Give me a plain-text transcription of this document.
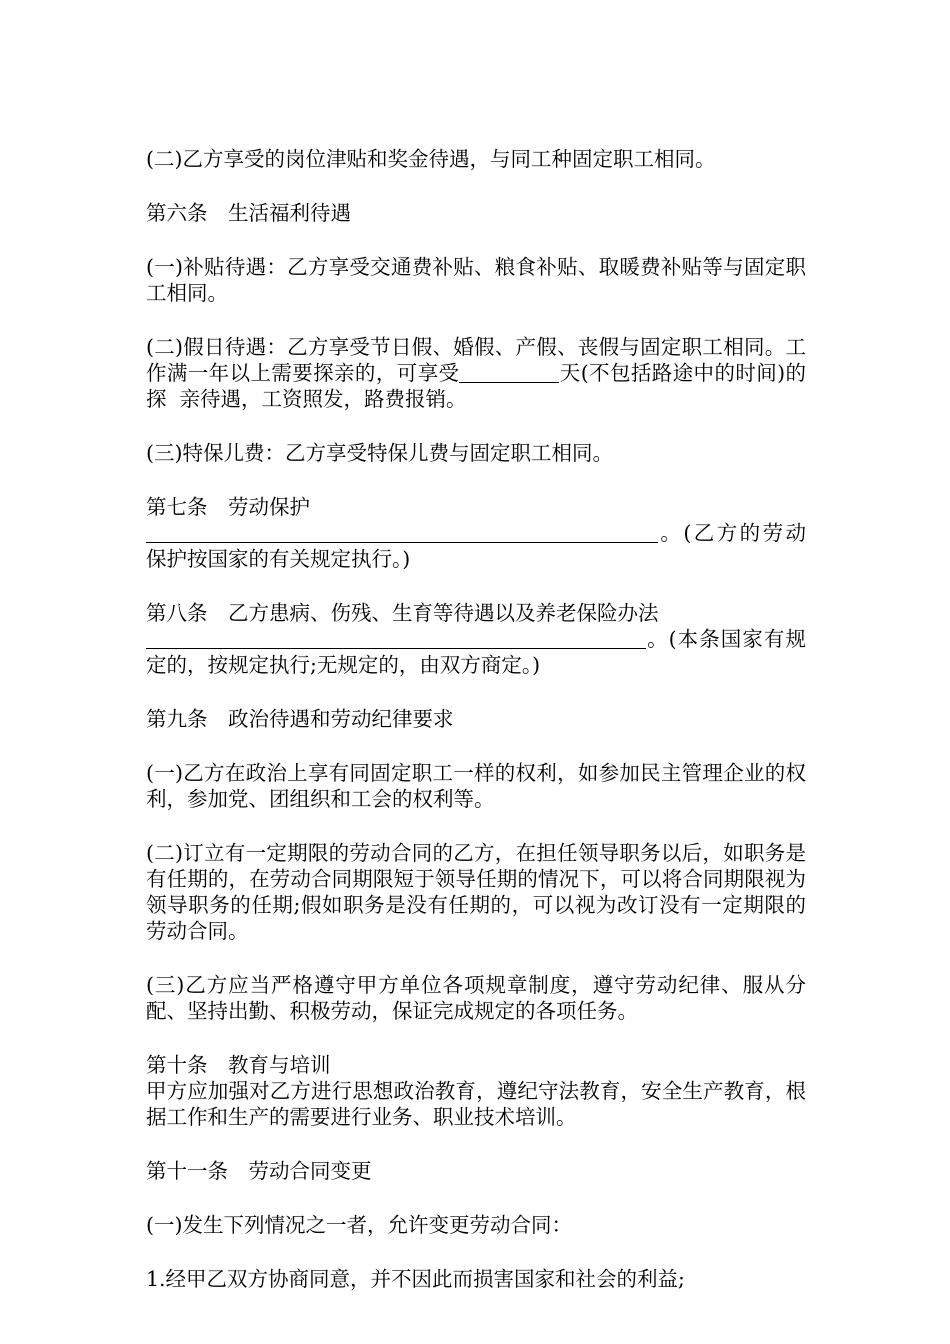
(二)乙方享受的岗位津贴和奖金待遇，与同工种固定职工相同。

第六条　生活福利待遇

(一)补贴待遇：乙方享受交通费补贴、粮食补贴、取暖费补贴等与固定职工相同。

(二)假日待遇：乙方享受节日假、婚假、产假、丧假与固定职工相同。工作满一年以上需要探亲的，可享受	天(不包括路途中的时间)的探  亲待遇，工资照发，路费报销。

(三)特保儿费：乙方享受特保儿费与固定职工相同。

第七条　劳动保护

。(乙方的劳动保护按国家的有关规定执行。)

第八条　乙方患病、伤残、生育等待遇以及养老保险办法

。(本条国家有规定的，按规定执行;无规定的，由双方商定。)

第九条　政治待遇和劳动纪律要求

(一)乙方在政治上享有同固定职工一样的权利，如参加民主管理企业的权利，参加党、团组织和工会的权利等。

(二)订立有一定期限的劳动合同的乙方，在担任领导职务以后，如职务是有任期的，在劳动合同期限短于领导任期的情况下，可以将合同期限视为领导职务的任期;假如职务是没有任期的，可以视为改订没有一定期限的劳动合同。

(三)乙方应当严格遵守甲方单位各项规章制度，遵守劳动纪律、服从分配、坚持出勤、积极劳动，保证完成规定的各项任务。

第十条　教育与培训

甲方应加强对乙方进行思想政治教育，遵纪守法教育，安全生产教育，根据工作和生产的需要进行业务、职业技术培训。

第十一条　劳动合同变更

(一)发生下列情况之一者，允许变更劳动合同：

1.经甲乙双方协商同意，并不因此而损害国家和社会的利益;
